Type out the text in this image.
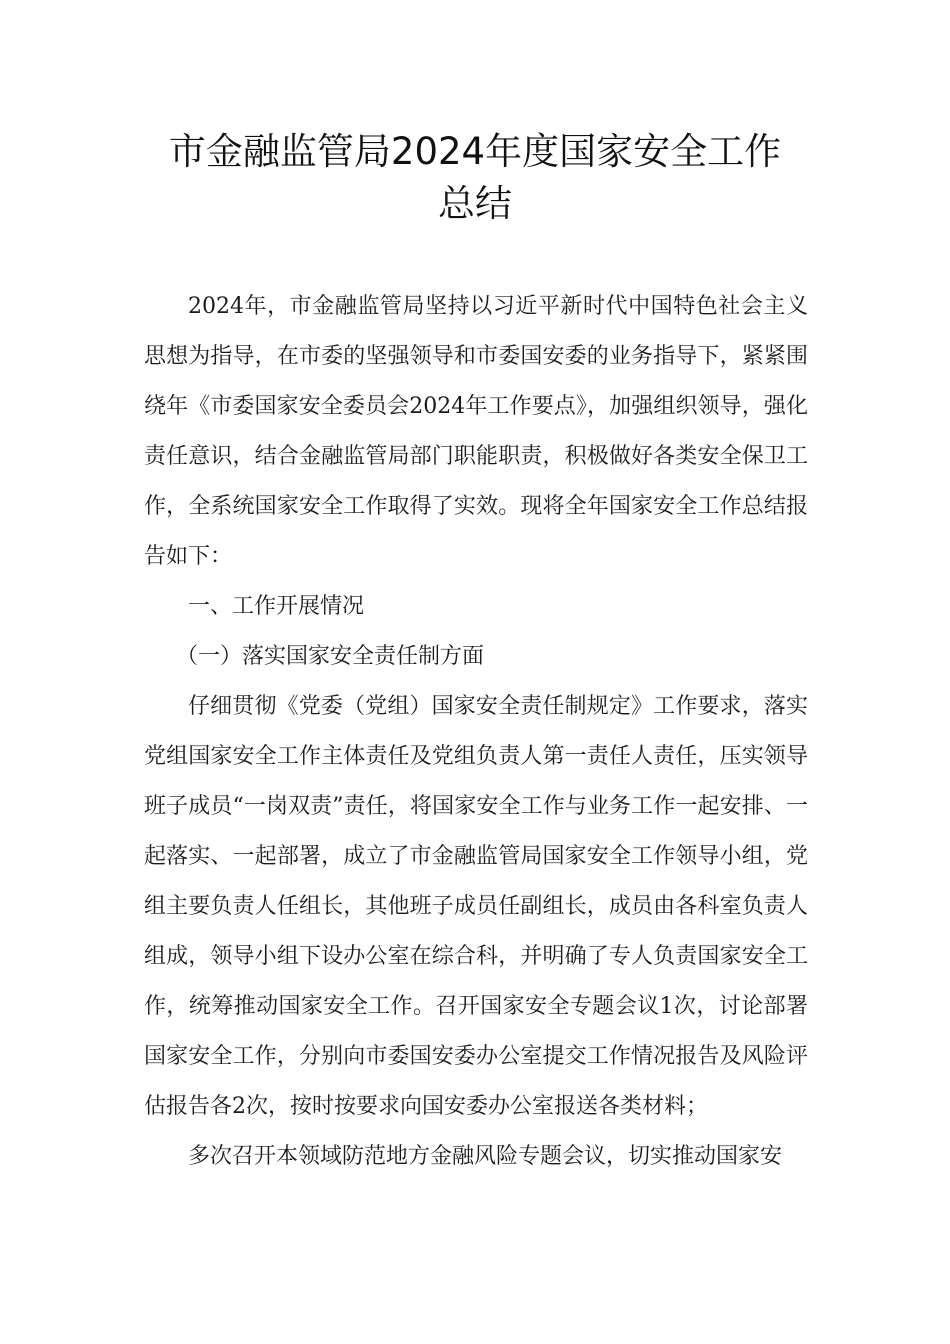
市金融监管局2024年度国家安全工作
总结

2024年，市金融监管局坚持以习近平新时代中国特色社会主义思想为指导，在市委的坚强领导和市委国安委的业务指导下，紧紧围绕年《市委国家安全委员会2024年工作要点》，加强组织领导，强化责任意识，结合金融监管局部门职能职责，积极做好各类安全保卫工作，全系统国家安全工作取得了实效。现将全年国家安全工作总结报告如下：

一、工作开展情况

（一）落实国家安全责任制方面

仔细贯彻《党委（党组）国家安全责任制规定》工作要求，落实党组国家安全工作主体责任及党组负责人第一责任人责任，压实领导班子成员“一岗双责”责任，将国家安全工作与业务工作一起安排、一起落实、一起部署，成立了市金融监管局国家安全工作领导小组，党组主要负责人任组长，其他班子成员任副组长，成员由各科室负责人组成，领导小组下设办公室在综合科，并明确了专人负责国家安全工作，统筹推动国家安全工作。召开国家安全专题会议1次，讨论部署国家安全工作，分别向市委国安委办公室提交工作情况报告及风险评估报告各2次，按时按要求向国安委办公室报送各类材料；

多次召开本领域防范地方金融风险专题会议，切实推动国家安
